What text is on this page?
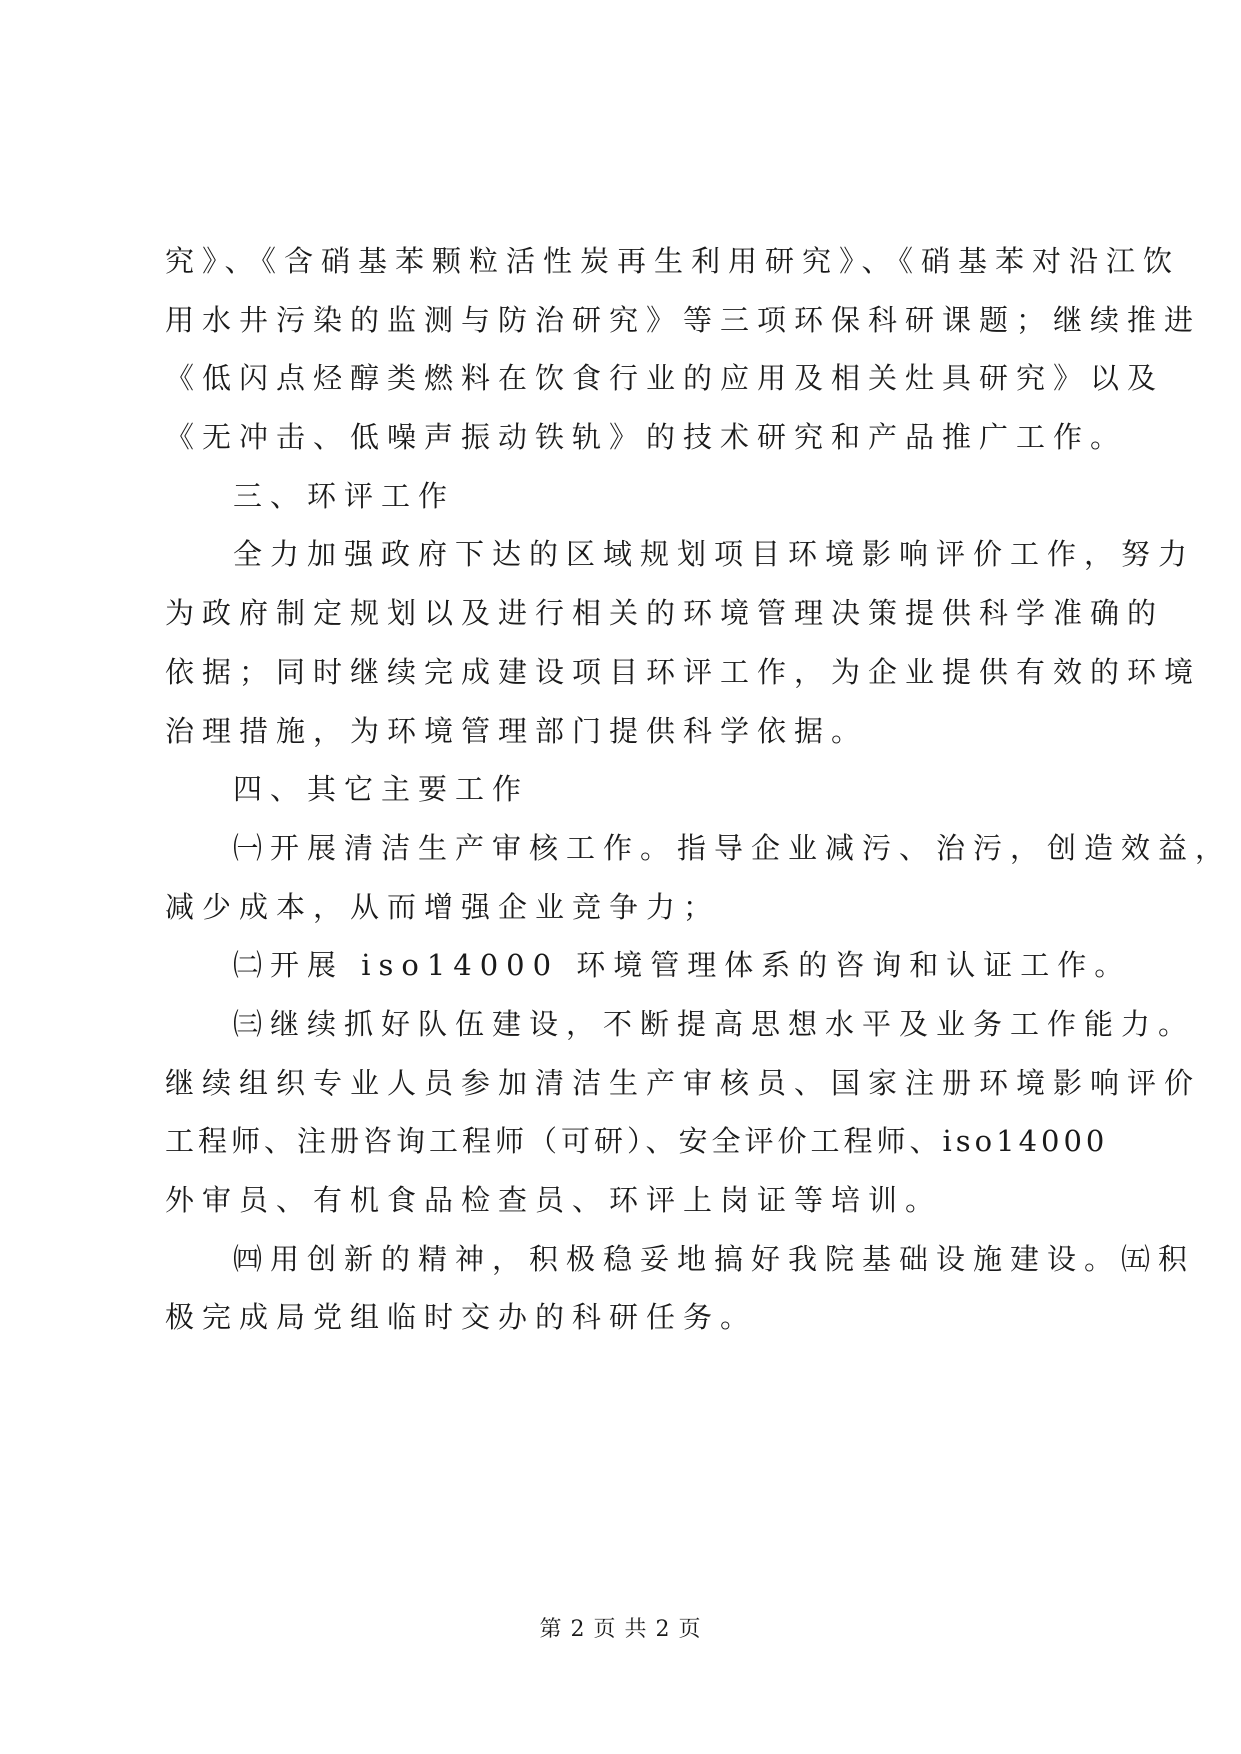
究》、《含硝基苯颗粒活性炭再生利用研究》、《硝基苯对沿江饮
用水井污染的监测与防治研究》等三项环保科研课题；继续推进
《低闪点烃醇类燃料在饮食行业的应用及相关灶具研究》以及
《无冲击、低噪声振动铁轨》的技术研究和产品推广工作。
三、环评工作
全力加强政府下达的区域规划项目环境影响评价工作，努力
为政府制定规划以及进行相关的环境管理决策提供科学准确的
依据；同时继续完成建设项目环评工作，为企业提供有效的环境
治理措施，为环境管理部门提供科学依据。
四、其它主要工作
㈠开展清洁生产审核工作。指导企业减污、治污，创造效益，
减少成本，从而增强企业竞争力；
㈡开展 iso14000 环境管理体系的咨询和认证工作。
㈢继续抓好队伍建设，不断提高思想水平及业务工作能力。
继续组织专业人员参加清洁生产审核员、国家注册环境影响评价
工程师、注册咨询工程师（可研）、安全评价工程师、iso14000
外审员、有机食品检查员、环评上岗证等培训。
㈣用创新的精神，积极稳妥地搞好我院基础设施建设。㈤积
极完成局党组临时交办的科研任务。
第 2 页 共 2 页
